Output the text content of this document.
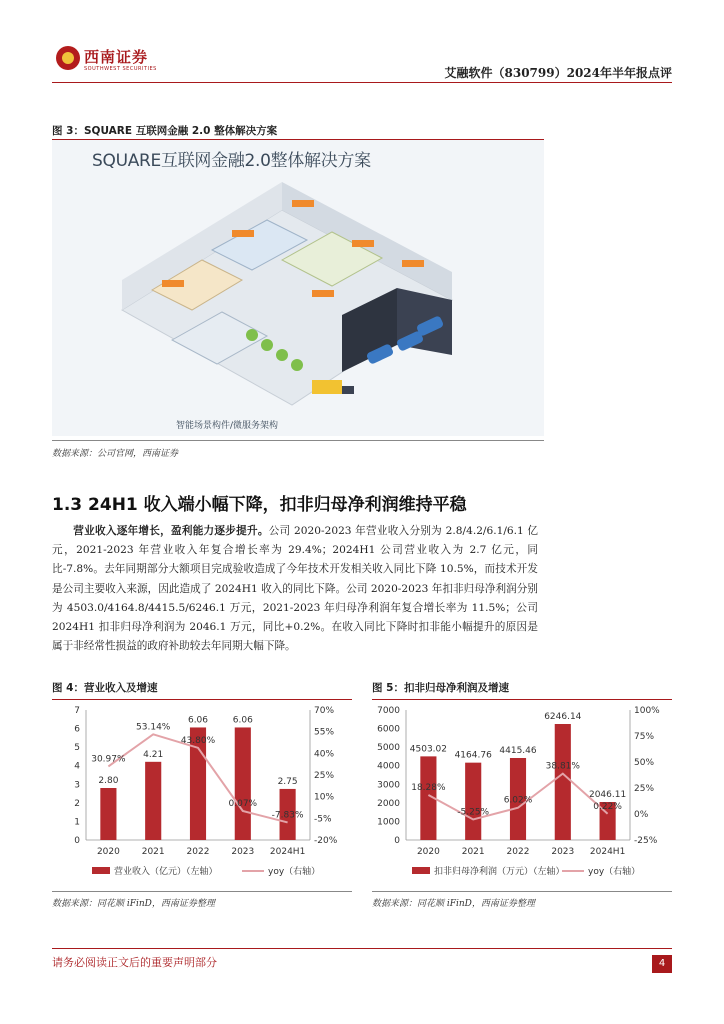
西南证券
SOUTHWEST SECURITIES	艾融软件（830799）2024年半年报点评
图 3：SQUARE 互联网金融 2.0 整体解决方案
SQUARE互联网金融2.0整体解决方案
智能场景构件/微服务架构
数据来源：公司官网，西南证券
1.3 24H1 收入端小幅下降，扣非归母净利润维持平稳
营业收入逐年增长，盈利能力逐步提升。公司 2020-2023 年营业收入分别为 2.8/4.2/6.1/6.1 亿元，2021-2023 年营业收入年复合增长率为 29.4%；2024H1 公司营业收入为 2.7 亿元，同比-7.8%。去年同期部分大额项目完成验收造成了今年技术开发相关收入同比下降 10.5%，而技术开发是公司主要收入来源，因此造成了 2024H1 收入的同比下降。公司 2020-2023 年扣非归母净利润分别为 4503.0/4164.8/4415.5/6246.1 万元，2021-2023 年归母净利润年复合增长率为 11.5%；公司 2024H1 扣非归母净利润为 2046.1 万元，同比+0.2%。在收入同比下降时扣非能小幅提升的原因是属于非经常性损益的政府补助较去年同期大幅下降。
图 4：营业收入及增速
0
1
2
3
4
5
6
7
-20%
-5%
10%
25%
40%
55%
70%
2.80
2020
4.21
2021
6.06
2022
6.06
2023
2.75
2024H1
30.97%
53.14%
43.80%
0.07%
-7.83%
营业收入（亿元）（左轴）	yoy（右轴）
数据来源：同花顺 iFinD，西南证券整理
图 5：扣非归母净利润及增速
0
1000
2000
3000
4000
5000
6000
7000
-25%
0%
25%
50%
75%
100%
4503.02
2020
4164.76
2021
4415.46
2022
6246.14
2023
2046.11
2024H1
18.28%
-5.25%
6.02%
38.81%
0.22%
扣非归母净利润（万元）（左轴）	yoy（右轴）
数据来源：同花顺 iFinD，西南证券整理
请务必阅读正文后的重要声明部分	4
